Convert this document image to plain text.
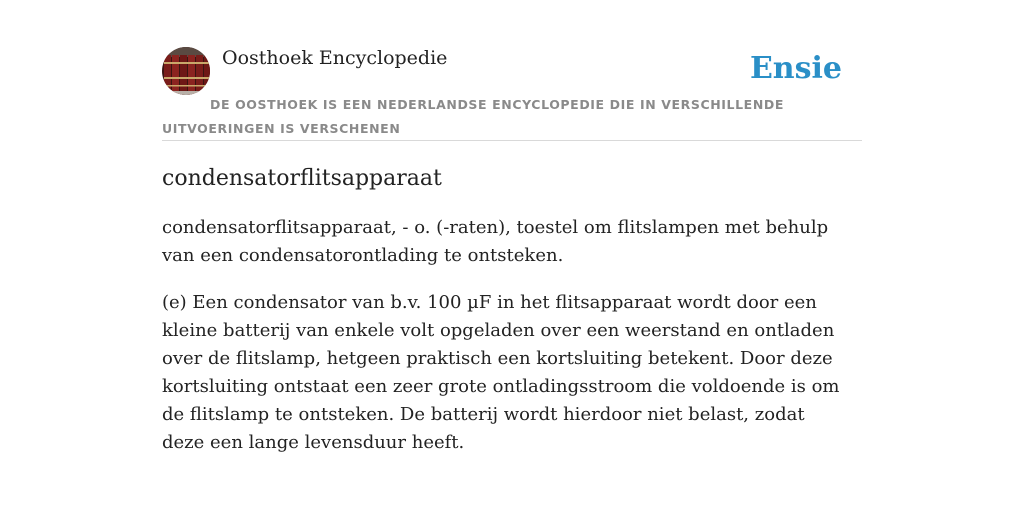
Oosthoek Encyclopedie	Ensie
DE OOSTHOEK IS EEN NEDERLANDSE ENCYCLOPEDIE DIE IN VERSCHILLENDE UITVOERINGEN IS VERSCHENEN
condensatorflitsapparaat

condensatorflitsapparaat, - o. (-raten), toestel om flitslampen met behulp van een condensatorontlading te ontsteken.

(e) Een condensator van b.v. 100 µF in het flitsapparaat wordt door een kleine batterij van enkele volt opgeladen over een weerstand en ontladen over de flitslamp, hetgeen praktisch een kortsluiting betekent. Door deze kortsluiting ontstaat een zeer grote ontladingsstroom die voldoende is om de flitslamp te ontsteken. De batterij wordt hierdoor niet belast, zodat deze een lange levensduur heeft.
